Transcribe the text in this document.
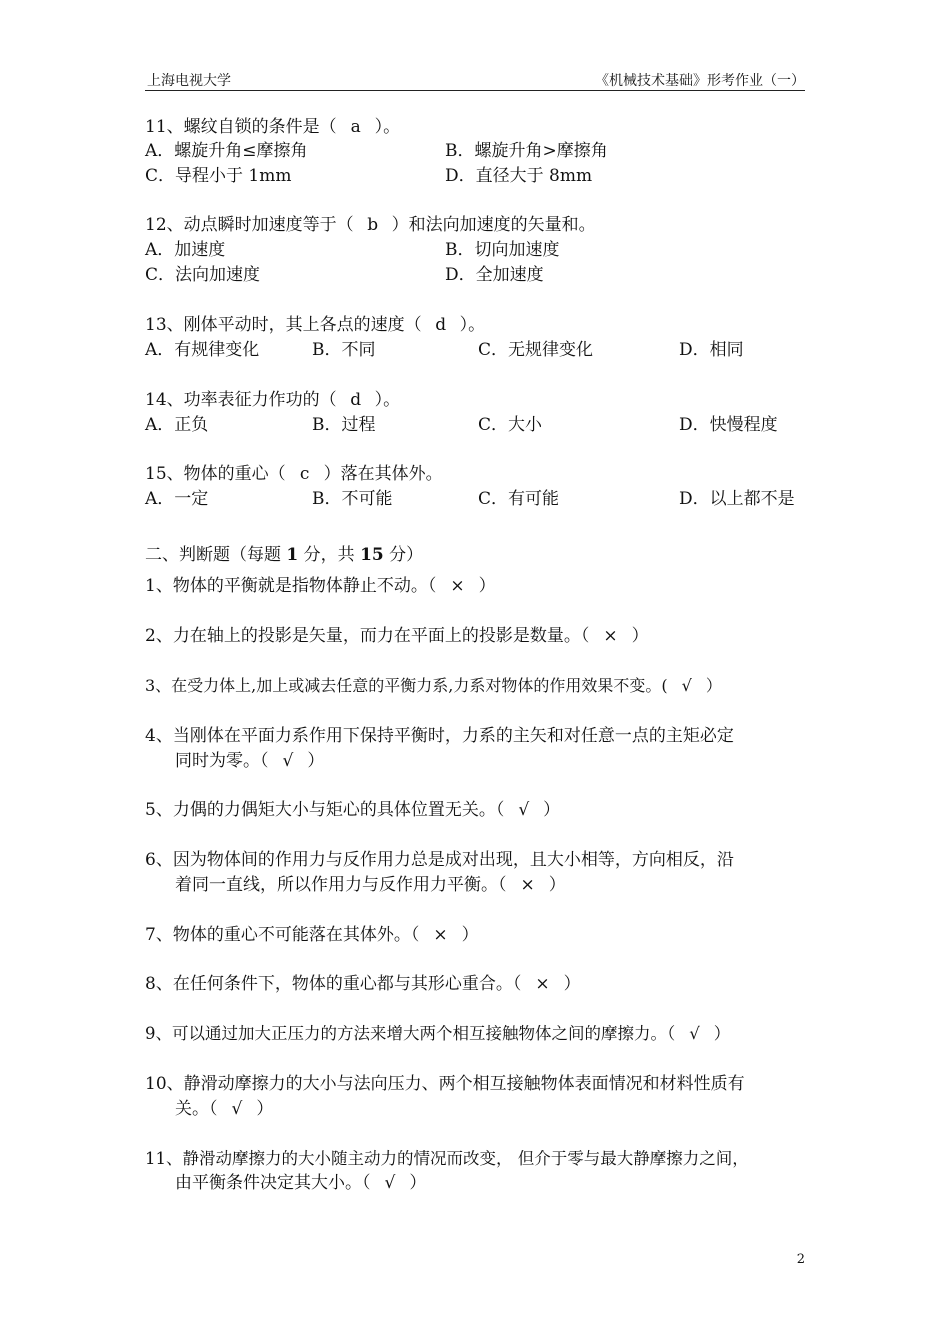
上海电视大学	《机械技术基础》形考作业（一）
11、螺纹自锁的条件是（ a ）。
A．螺旋升角≤摩擦角	B．螺旋升角>摩擦角
C．导程小于 1mm	D．直径大于 8mm
12、动点瞬时加速度等于（ b ）和法向加速度的矢量和。
A．加速度	B．切向加速度
C．法向加速度	D．全加速度
13、刚体平动时，其上各点的速度（ d ）。
A．有规律变化	B．不同	C．无规律变化	D．相同
14、功率表征力作功的（ d ）。
A．正负	B．过程	C．大小	D．快慢程度
15、物体的重心（ c ）落在其体外。
A．一定	B．不可能	C．有可能	D．以上都不是
二、判断题（每题 1 分，共 15 分）
1、物体的平衡就是指物体静止不动。（ × ）
2、力在轴上的投影是矢量，而力在平面上的投影是数量。（ × ）
3、在受力体上,加上或减去任意的平衡力系,力系对物体的作用效果不变。( √ ）
4、当刚体在平面力系作用下保持平衡时，力系的主矢和对任意一点的主矩必定
同时为零。（ √ ）
5、力偶的力偶矩大小与矩心的具体位置无关。（ √ ）
6、因为物体间的作用力与反作用力总是成对出现，且大小相等，方向相反，沿
着同一直线，所以作用力与反作用力平衡。（ × ）
7、物体的重心不可能落在其体外。（ × ）
8、在任何条件下，物体的重心都与其形心重合。（ × ）
9、可以通过加大正压力的方法来增大两个相互接触物体之间的摩擦力。（ √ ）
10、静滑动摩擦力的大小与法向压力、两个相互接触物体表面情况和材料性质有
关。（ √ ）
11、静滑动摩擦力的大小随主动力的情况而改变， 但介于零与最大静摩擦力之间，
由平衡条件决定其大小。（ √ ）
2
